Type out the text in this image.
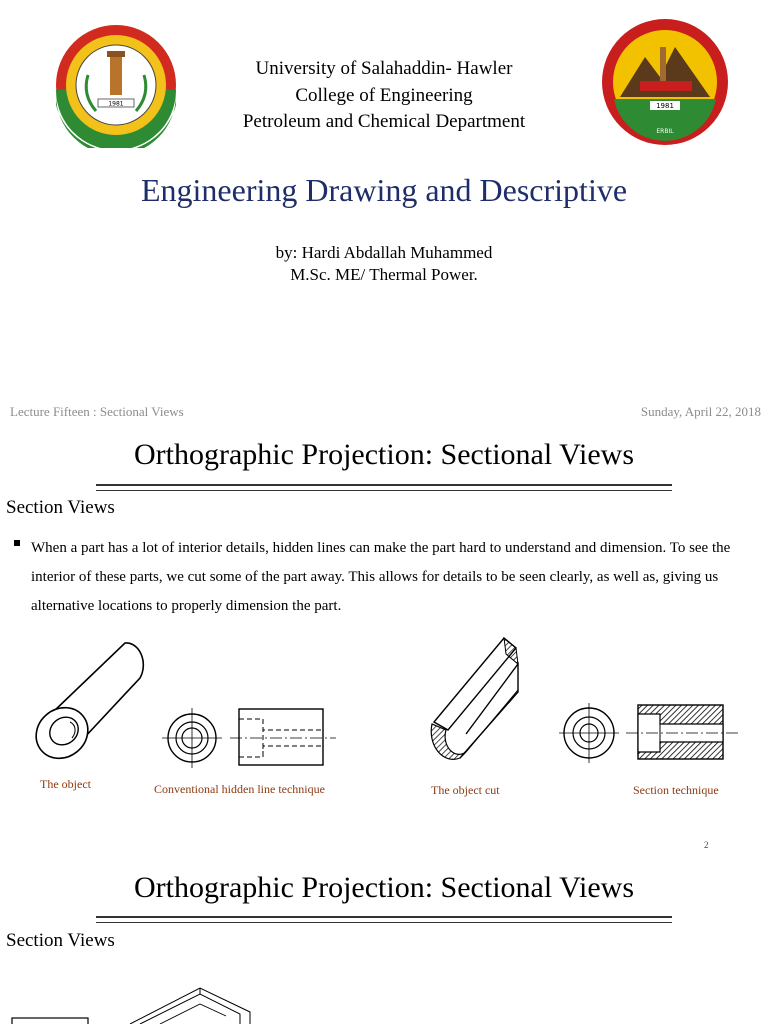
1981
University of Salahaddin- Hawler
College of Engineering
Petroleum and Chemical Department
1981
ERBIL
Engineering Drawing and Descriptive
by: Hardi Abdallah Muhammed
M.Sc. ME/ Thermal Power.
Lecture Fifteen : Sectional Views	Sunday, April 22, 2018
Orthographic Projection: Sectional Views
Section Views
When a part has a lot of interior details, hidden lines can make the part hard to understand and dimension. To see the interior of these parts, we cut some of the part away. This allows for details to be seen clearly, as well as, giving us alternative locations to properly dimension the part.
The object	Conventional hidden line technique	The object cut	Section technique
2
Orthographic Projection: Sectional Views
Section Views
